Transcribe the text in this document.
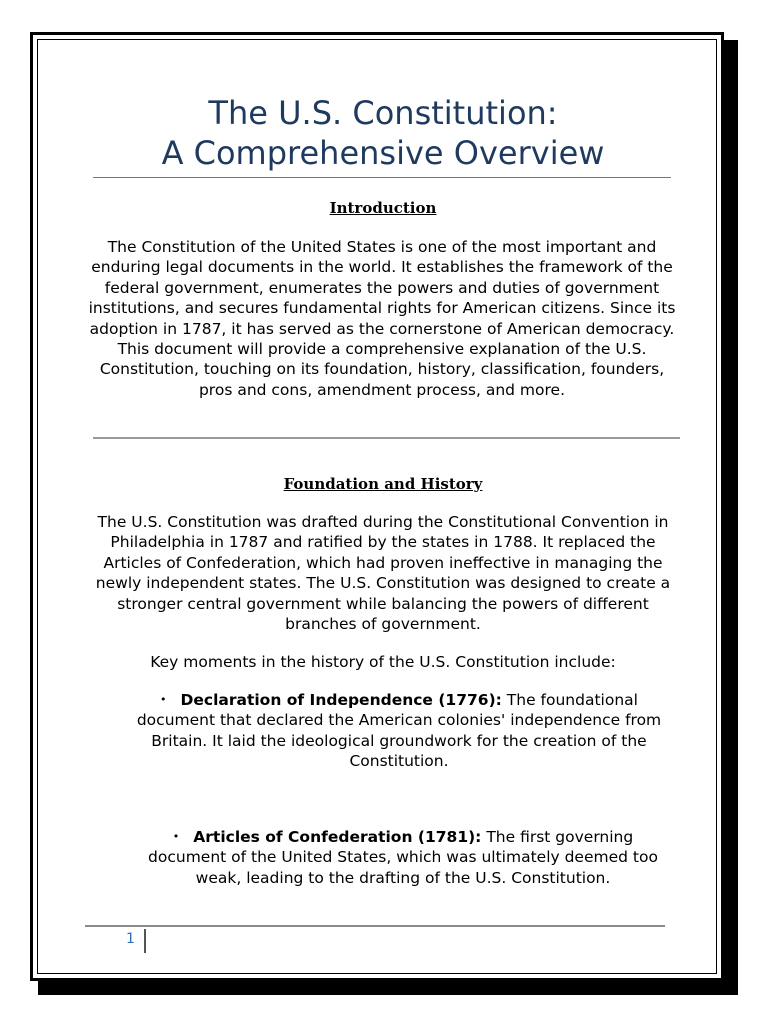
The U.S. Constitution:
A Comprehensive Overview
Introduction

The Constitution of the United States is one of the most important and enduring legal documents in the world. It establishes the framework of the federal government, enumerates the powers and duties of government institutions, and secures fundamental rights for American citizens. Since its adoption in 1787, it has served as the cornerstone of American democracy. This document will provide a comprehensive explanation of the U.S. Constitution, touching on its foundation, history, classification, founders, pros and cons, amendment process, and more.

Foundation and History

The U.S. Constitution was drafted during the Constitutional Convention in Philadelphia in 1787 and ratified by the states in 1788. It replaced the Articles of Confederation, which had proven ineffective in managing the newly independent states. The U.S. Constitution was designed to create a stronger central government while balancing the powers of different branches of government.

Key moments in the history of the U.S. Constitution include:

• Declaration of Independence (1776): The foundational document that declared the American colonies' independence from Britain. It laid the ideological groundwork for the creation of the Constitution.
• Articles of Confederation (1781): The first governing document of the United States, which was ultimately deemed too weak, leading to the drafting of the U.S. Constitution.
1
